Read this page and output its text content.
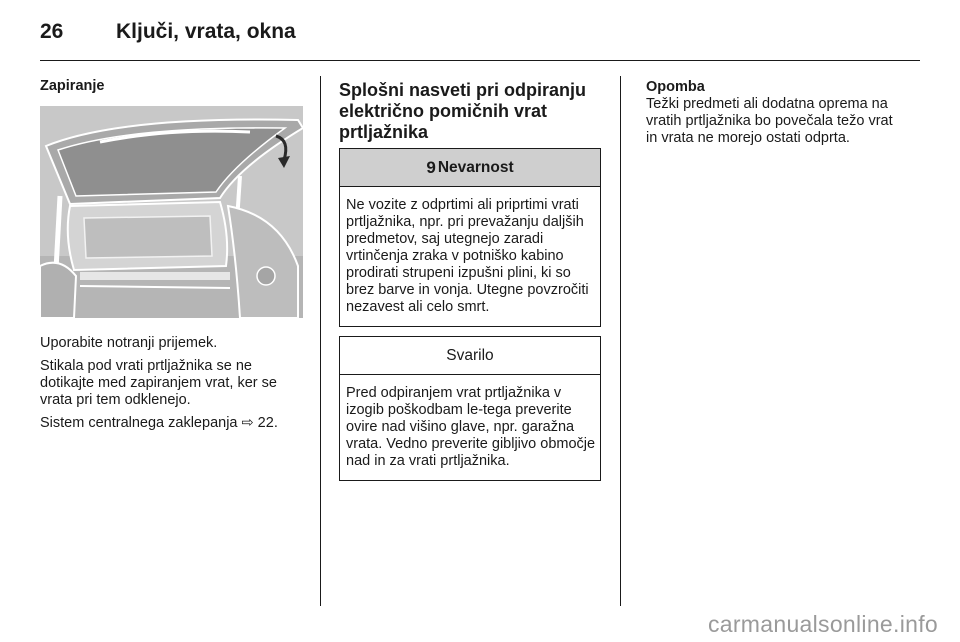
26	Ključi, vrata, okna
Zapiranje
Uporabite notranji prijemek.
Stikala pod vrati prtljažnika se ne dotikajte med zapiranjem vrat, ker se vrata pri tem odklenejo.
Sistem centralnega zaklepanja ⇨ 22.
Splošni nasveti pri odpiranju električno pomičnih vrat prtljažnika
9 Nevarnost
Ne vozite z odprtimi ali priprtimi vrati prtljažnika, npr. pri prevažanju daljših predmetov, saj utegnejo zaradi vrtinčenja zraka v potniško kabino prodirati strupeni izpušni plini, ki so brez barve in vonja. Utegne povzročiti nezavest ali celo smrt.
Svarilo
Pred odpiranjem vrat prtljažnika v izogib poškodbam le-tega preverite ovire nad višino glave, npr. garažna vrata. Vedno preverite gibljivo območje nad in za vrati prtljažnika.
Opomba
Težki predmeti ali dodatna oprema na vratih prtljažnika bo povečala težo vrat in vrata ne morejo ostati odprta.
carmanualsonline.info
